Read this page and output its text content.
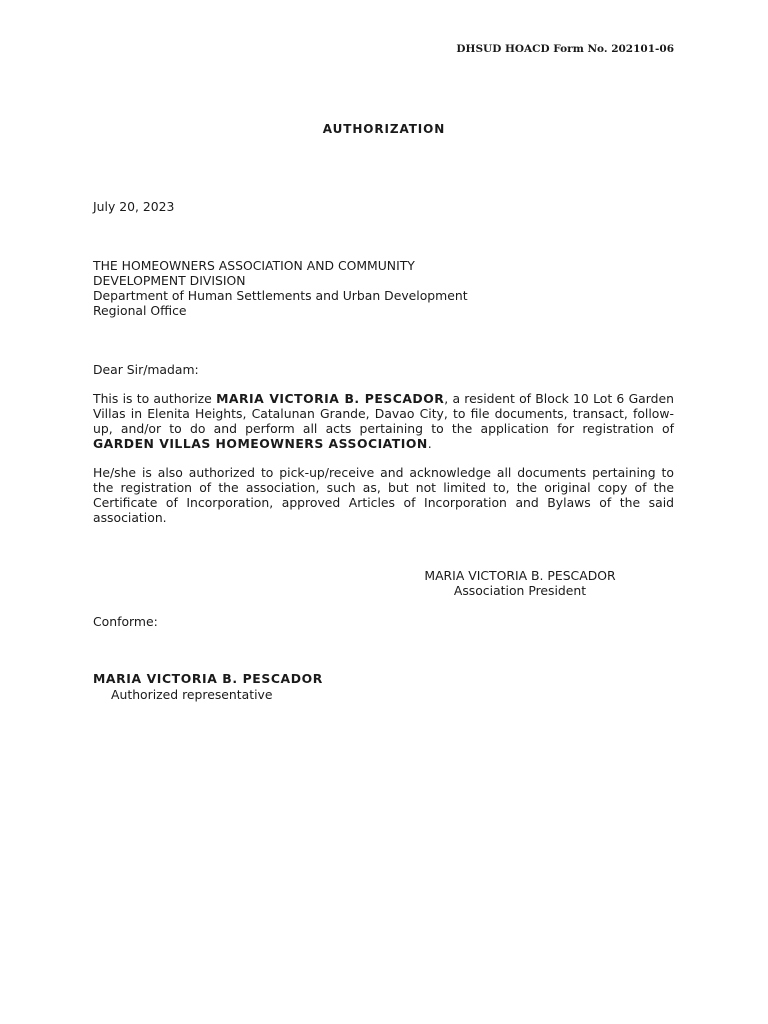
DHSUD HOACD Form No. 202101-06
AUTHORIZATION
July 20, 2023
THE HOMEOWNERS ASSOCIATION AND COMMUNITY
DEVELOPMENT DIVISION
Department of Human Settlements and Urban Development
Regional Office
Dear Sir/madam:
This is to authorize MARIA VICTORIA B. PESCADOR, a resident of Block 10 Lot 6 Garden Villas in Elenita Heights, Catalunan Grande, Davao City, to file documents, transact, follow-up, and/or to do and perform all acts pertaining to the application for registration of GARDEN VILLAS HOMEOWNERS ASSOCIATION.
He/she is also authorized to pick-up/receive and acknowledge all documents pertaining to the registration of the association, such as, but not limited to, the original copy of the Certificate of Incorporation, approved Articles of Incorporation and Bylaws of the said association.
MARIA VICTORIA B. PESCADOR
Association President
Conforme:
MARIA VICTORIA B. PESCADOR
Authorized representative
